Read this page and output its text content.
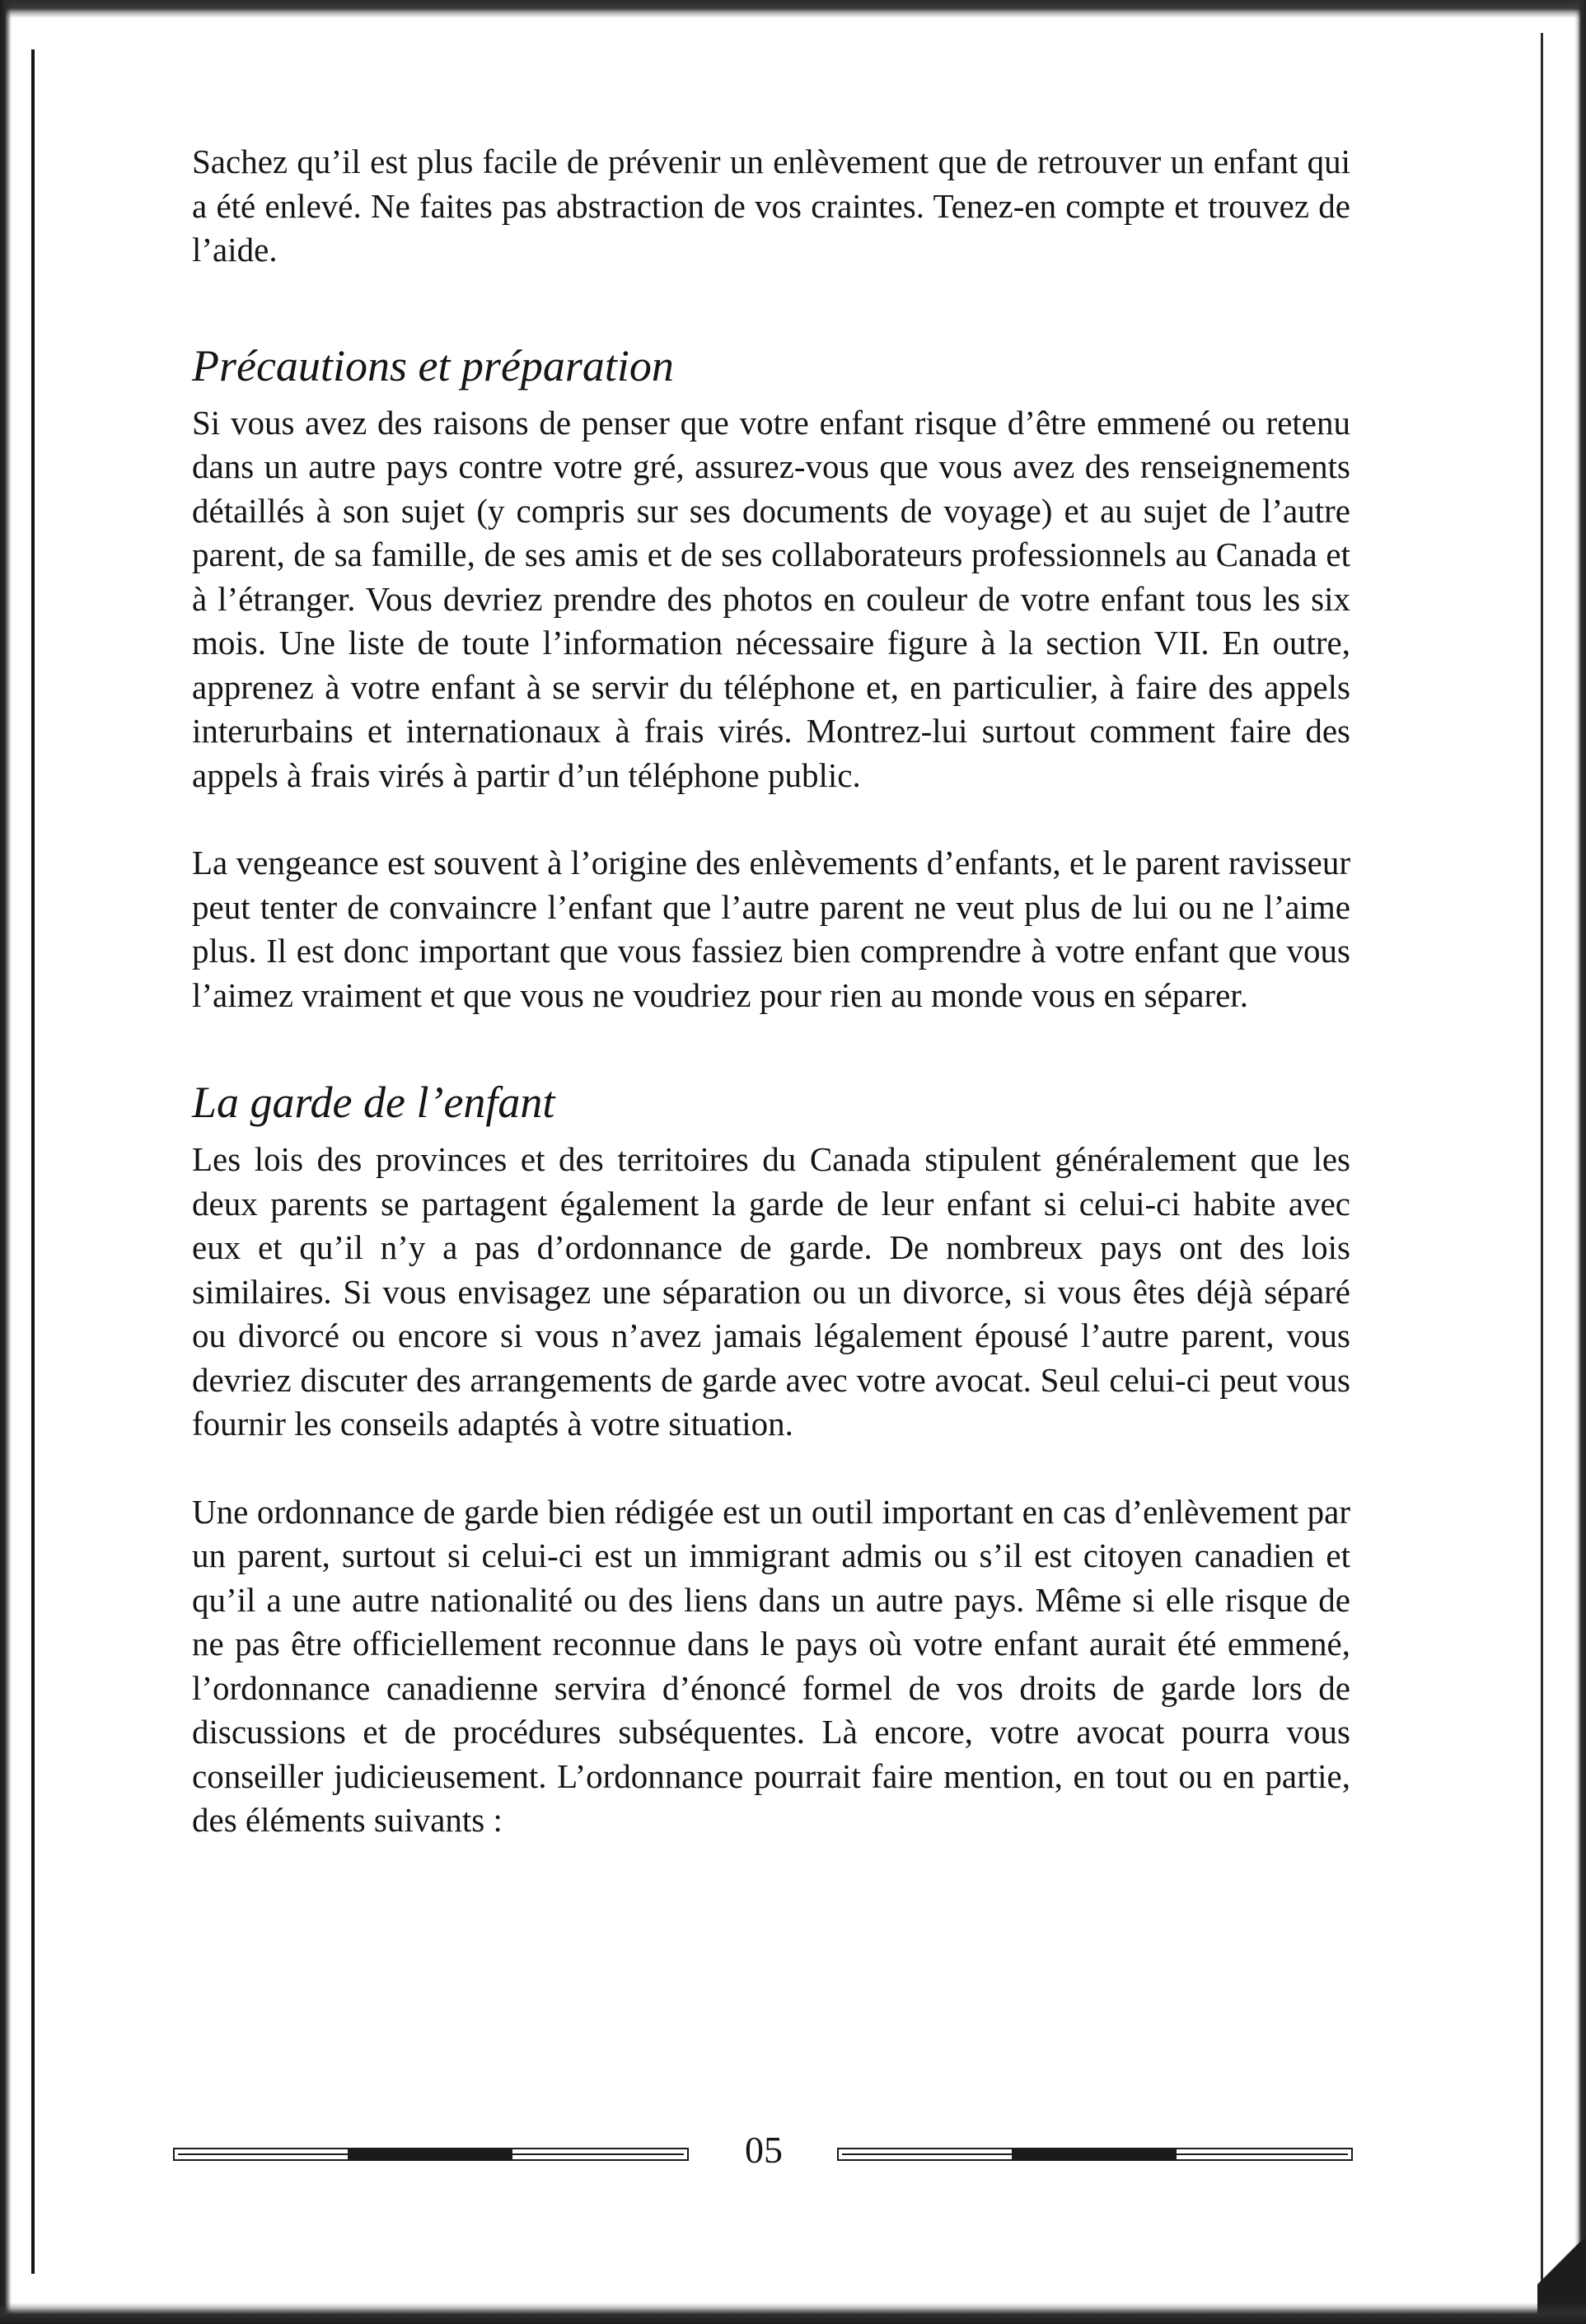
Sachez qu’il est plus facile de prévenir un enlèvement que de retrouver un enfant qui a été enlevé. Ne faites pas abstraction de vos craintes. Tenez-en compte et trouvez de l’aide.

Précautions et préparation

Si vous avez des raisons de penser que votre enfant risque d’être emmené ou retenu dans un autre pays contre votre gré, assurez-vous que vous avez des renseignements détaillés à son sujet (y compris sur ses documents de voyage) et au sujet de l’autre parent, de sa famille, de ses amis et de ses collaborateurs professionnels au Canada et à l’étranger. Vous devriez prendre des photos en couleur de votre enfant tous les six mois. Une liste de toute l’information nécessaire figure à la section VII. En outre, apprenez à votre enfant à se servir du téléphone et, en particulier, à faire des appels interurbains et internationaux à frais virés. Montrez-lui surtout comment faire des appels à frais virés à partir d’un téléphone public.

La vengeance est souvent à l’origine des enlèvements d’enfants, et le parent ravisseur peut tenter de convaincre l’enfant que l’autre parent ne veut plus de lui ou ne l’aime plus. Il est donc important que vous fassiez bien comprendre à votre enfant que vous l’aimez vraiment et que vous ne voudriez pour rien au monde vous en séparer.

La garde de l’enfant

Les lois des provinces et des territoires du Canada stipulent généralement que les deux parents se partagent également la garde de leur enfant si celui-ci habite avec eux et qu’il n’y a pas d’ordonnance de garde. De nombreux pays ont des lois similaires. Si vous envisagez une séparation ou un divorce, si vous êtes déjà séparé ou divorcé ou encore si vous n’avez jamais légalement épousé l’autre parent, vous devriez discuter des arrangements de garde avec votre avocat. Seul celui-ci peut vous fournir les conseils adaptés à votre situation.

Une ordonnance de garde bien rédigée est un outil important en cas d’enlèvement par un parent, surtout si celui-ci est un immigrant admis ou s’il est citoyen canadien et qu’il a une autre nationalité ou des liens dans un autre pays. Même si elle risque de ne pas être officiellement reconnue dans le pays où votre enfant aurait été emmené, l’ordonnance canadienne servira d’énoncé formel de vos droits de garde lors de discussions et de procédures subséquentes. Là encore, votre avocat pourra vous conseiller judicieusement. L’ordonnance pourrait faire mention, en tout ou en partie, des éléments suivants :

05
